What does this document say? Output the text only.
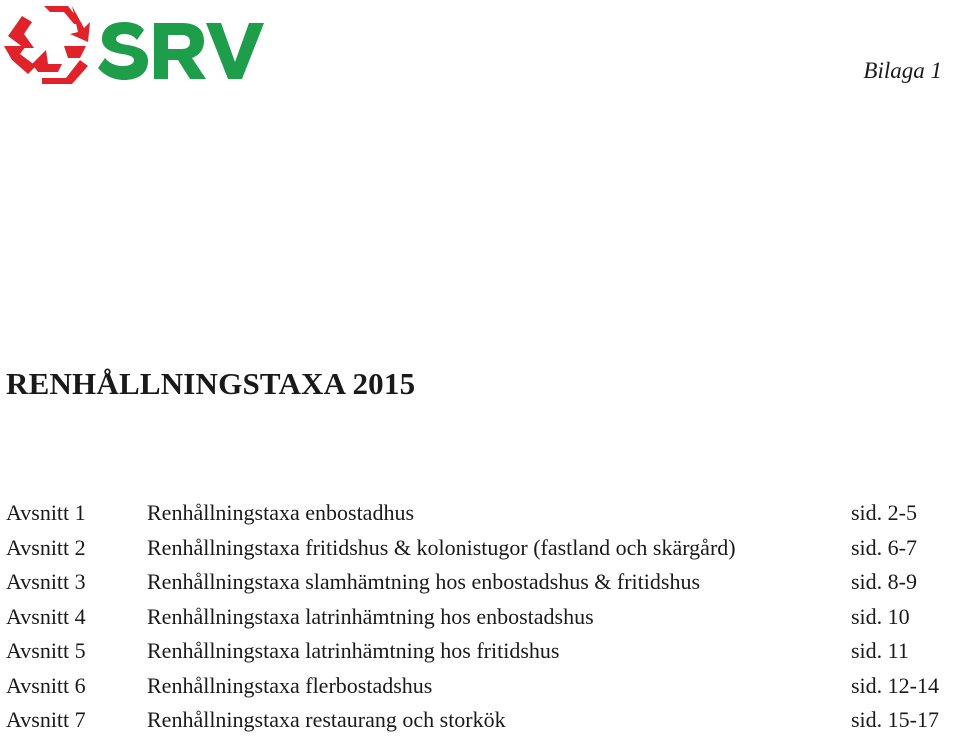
Bilaga 1
RENHÅLLNINGSTAXA 2015
Avsnitt 1	Renhållningstaxa enbostadhus	sid. 2-5
Avsnitt 2	Renhållningstaxa fritidshus & kolonistugor (fastland och skärgård)	sid. 6-7
Avsnitt 3	Renhållningstaxa slamhämtning hos enbostadshus & fritidshus	sid. 8-9
Avsnitt 4	Renhållningstaxa latrinhämtning hos enbostadshus	sid. 10
Avsnitt 5	Renhållningstaxa latrinhämtning hos fritidshus	sid. 11
Avsnitt 6	Renhållningstaxa flerbostadshus	sid. 12-14
Avsnitt 7	Renhållningstaxa restaurang och storkök	sid. 15-17
